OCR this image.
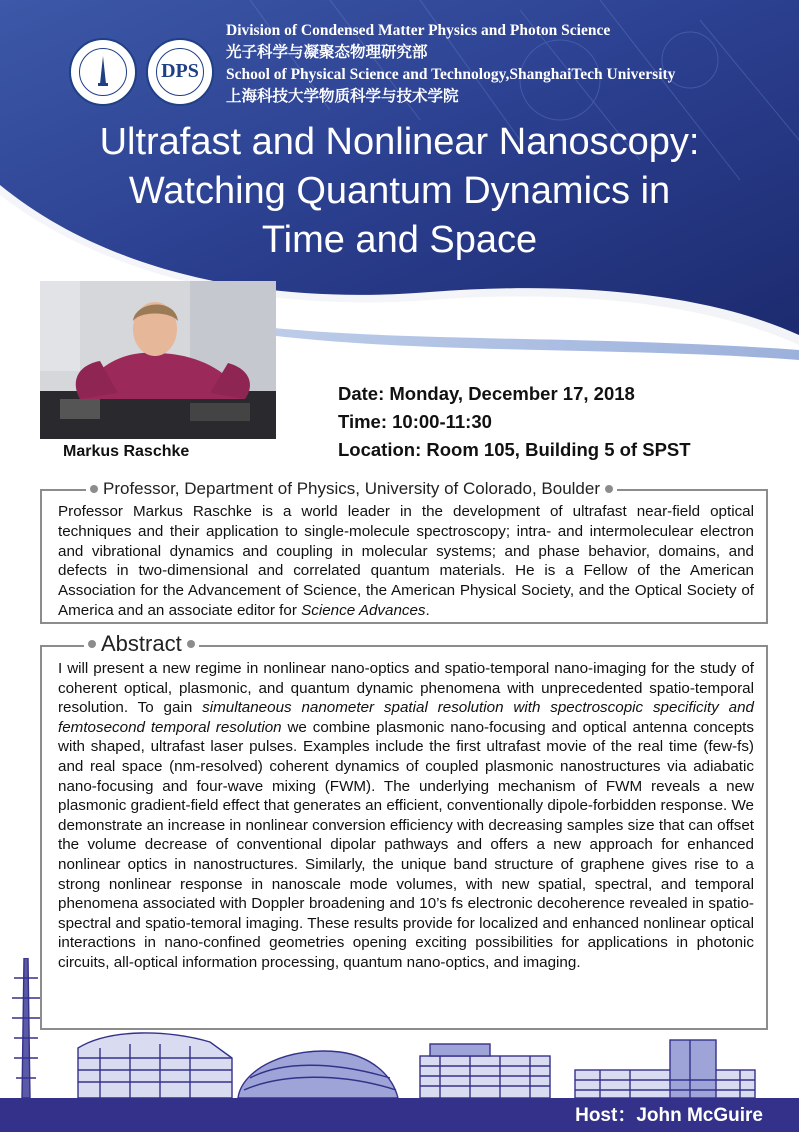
DPS
Division of Condensed Matter Physics and Photon Science
光子科学与凝聚态物理研究部
School of Physical Science and Technology,ShanghaiTech University
上海科技大学物质科学与技术学院
Ultrafast and Nonlinear Nanoscopy:
Watching Quantum Dynamics in
Time and Space
Markus Raschke
Date: Monday, December 17, 2018
Time: 10:00-11:30
Location: Room 105, Building 5 of SPST
Professor, Department of Physics, University of Colorado, Boulder
Professor Markus Raschke is a world leader in the development of ultrafast near-field optical techniques and their application to single-molecule spectroscopy; intra- and intermoleculear electron and vibrational dynamics and coupling in molecular systems; and phase behavior, domains, and defects in two-dimensional and correlated quantum materials. He is a Fellow of the American Association for the Advancement of Science, the American Physical Society, and the Optical Society of America and an associate editor for Science Advances.
Abstract
I will present a new regime in nonlinear nano-optics and spatio-temporal nano-imaging for the study of coherent optical, plasmonic, and quantum dynamic phenomena with unprecedented spatio-temporal resolution. To gain simultaneous nanometer spatial resolution with spectroscopic specificity and femtosecond temporal resolution we combine plasmonic nano-focusing and optical antenna concepts with shaped, ultrafast laser pulses. Examples include the first ultrafast movie of the real time (few-fs) and real space (nm-resolved) coherent dynamics of coupled plasmonic nanostructures via adiabatic nano-focusing and four-wave mixing (FWM). The underlying mechanism of FWM reveals a new plasmonic gradient-field effect that generates an efficient, conventionally dipole-forbidden response. We demonstrate an increase in nonlinear conversion efficiency with decreasing samples size that can offset the volume decrease of conventional dipolar pathways and offers a new approach for enhanced nonlinear optics in nanostructures. Similarly, the unique band structure of graphene gives rise to a strong nonlinear response in nanoscale mode volumes, with new spatial, spectral, and temporal phenomena associated with Doppler broadening and 10’s fs electronic decoherence revealed in spatio-spectral and spatio-temoral imaging. These results provide for localized and enhanced nonlinear optical interactions in nano-confined geometries opening exciting possibilities for applications in photonic circuits, all-optical information processing, quantum nano-optics, and imaging.
Host：John McGuire
